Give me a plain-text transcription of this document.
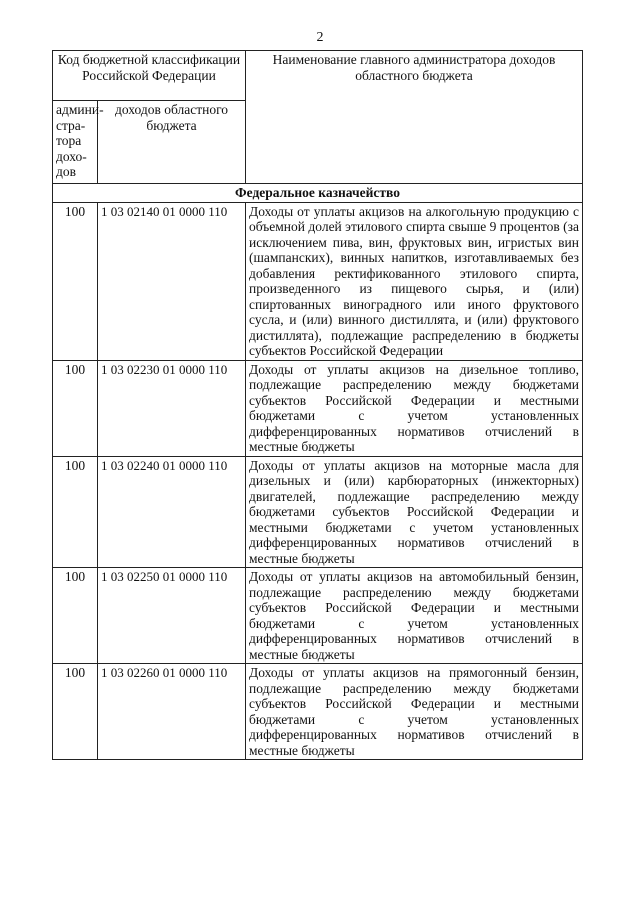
2
Код бюджетной классификации Российской Федерации		Наименование главного администратора доходов областного бюджета
админи-стра-тора дохо-дов	доходов областного бюджета	
Федеральное казначейство		
100	1 03 02140 01 0000 110	Доходы от уплаты акцизов на алкогольную продукцию с объемной долей этилового спирта свыше 9 процентов (за исключением пива, вин, фруктовых вин, игристых вин (шампанских), винных напитков, изготавливаемых без добавления ректификованного этилового спирта, произведенного из пищевого сырья, и (или) спиртованных виноградного или иного фруктового сусла, и (или) винного дистиллята, и (или) фруктового дистиллята), подлежащие распределению в бюджеты субъектов Российской Федерации
100	1 03 02230 01 0000 110	Доходы от уплаты акцизов на дизельное топливо, подлежащие распределению между бюджетами субъектов Российской Федерации и местными бюджетами с учетом установленных дифференцированных нормативов отчислений в местные бюджеты
100	1 03 02240 01 0000 110	Доходы от уплаты акцизов на моторные масла для дизельных и (или) карбюраторных (инжекторных) двигателей, подлежащие распределению между бюджетами субъектов Российской Федерации и местными бюджетами с учетом установленных дифференцированных нормативов отчислений в местные бюджеты
100	1 03 02250 01 0000 110	Доходы от уплаты акцизов на автомобильный бензин, подлежащие распределению между бюджетами субъектов Российской Федерации и местными бюджетами с учетом установленных дифференцированных нормативов отчислений в местные бюджеты
100	1 03 02260 01 0000 110	Доходы от уплаты акцизов на прямогонный бензин, подлежащие распределению между бюджетами субъектов Российской Федерации и местными бюджетами с учетом установленных дифференцированных нормативов отчислений в местные бюджеты
